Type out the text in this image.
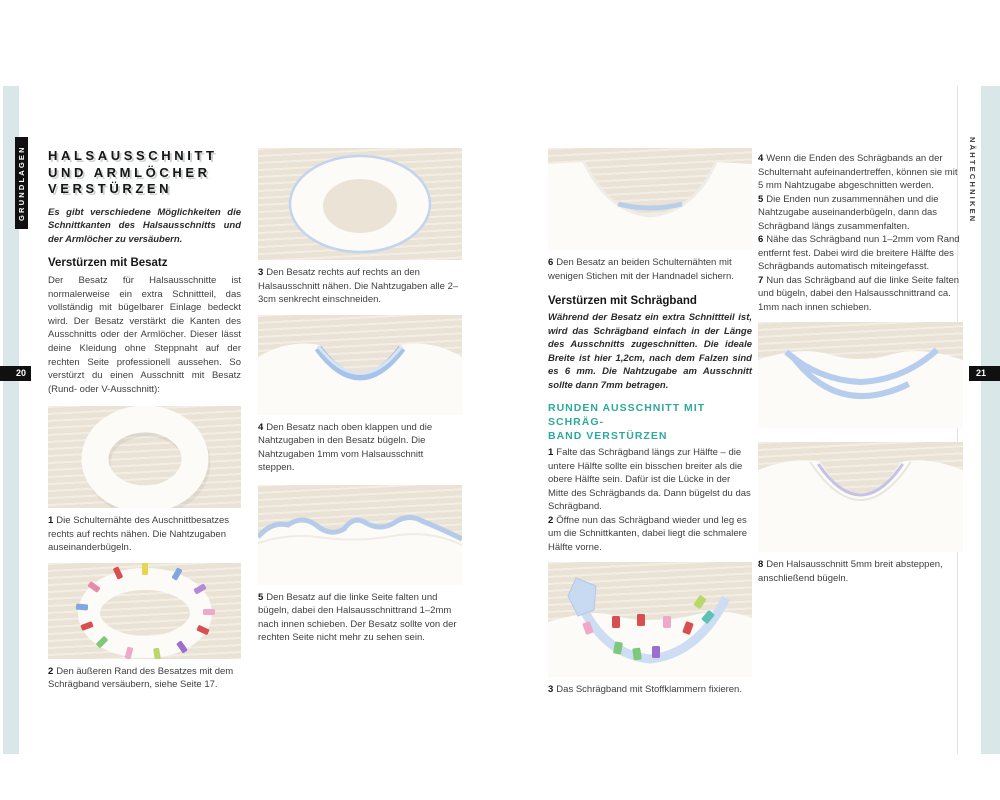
GRUNDLAGEN	NÄHTECHNIKEN
20	21
HALSAUSSCHNITT
UND ARMLÖCHER
VERSTÜRZEN

Es gibt verschiedene Möglichkeiten die Schnittkanten des Halsausschnitts und der Armlöcher zu versäubern.

Verstürzen mit Besatz

Der Besatz für Halsausschnitte ist normalerweise ein extra Schnittteil, das vollständig mit bügelbarer Einlage bedeckt wird. Der Besatz verstärkt die Kanten des Ausschnitts oder der Armlöcher. Dieser lässt deine Kleidung ohne Steppnaht auf der rechten Seite professionell aussehen. So verstürzt du einen Ausschnitt mit Besatz (Rund- oder V-Ausschnitt):

1 Die Schulternähte des Auschnittbesatzes rechts auf rechts nähen. Die Nahtzugaben auseinanderbügeln.

2 Den äußeren Rand des Besatzes mit dem Schrägband versäubern, siehe Seite 17.

3 Den Besatz rechts auf rechts an den Halsausschnitt nähen. Die Nahtzugaben alle 2–3cm senkrecht einschneiden.

4 Den Besatz nach oben klappen und die Nahtzugaben in den Besatz bügeln. Die Nahtzugaben 1mm vom Halsausschnitt steppen.

5 Den Besatz auf die linke Seite falten und bügeln, dabei den Halsausschnittrand 1–2mm nach innen schieben. Der Besatz sollte von der rechten Seite nicht mehr zu sehen sein.

6 Den Besatz an beiden Schulternähten mit wenigen Stichen mit der Handnadel sichern.

Verstürzen mit Schrägband

Während der Besatz ein extra Schnittteil ist, wird das Schrägband einfach in der Länge des Ausschnitts zugeschnitten. Die ideale Breite ist hier 1,2cm, nach dem Falzen sind es 6 mm. Die Nahtzugabe am Ausschnitt sollte dann 7mm betragen.

RUNDEN AUSSCHNITT MIT SCHRÄG-
BAND VERSTÜRZEN

1 Falte das Schrägband längs zur Hälfte – die untere Hälfte sollte ein bisschen breiter als die obere Hälfte sein. Dafür ist die Lücke in der Mitte des Schrägbands da. Dann bügelst du das Schrägband.

2 Öffne nun das Schrägband wieder und leg es um die Schnittkanten, dabei liegt die schmalere Hälfte vorne.

3 Das Schrägband mit Stoffklammern fixieren.

4 Wenn die Enden des Schrägbands an der Schulternaht aufeinandertreffen, können sie mit 5 mm Nahtzugabe abgeschnitten werden.

5 Die Enden nun zusammennähen und die Nahtzugabe auseinanderbügeln, dann das Schrägband längs zusammenfalten.

6 Nähe das Schrägband nun 1–2mm vom Rand entfernt fest. Dabei wird die breitere Hälfte des Schrägbands automatisch miteingefasst.

7 Nun das Schrägband auf die linke Seite falten und bügeln, dabei den Halsausschnittrand ca. 1mm nach innen schieben.

8 Den Halsausschnitt 5mm breit absteppen, anschließend bügeln.
